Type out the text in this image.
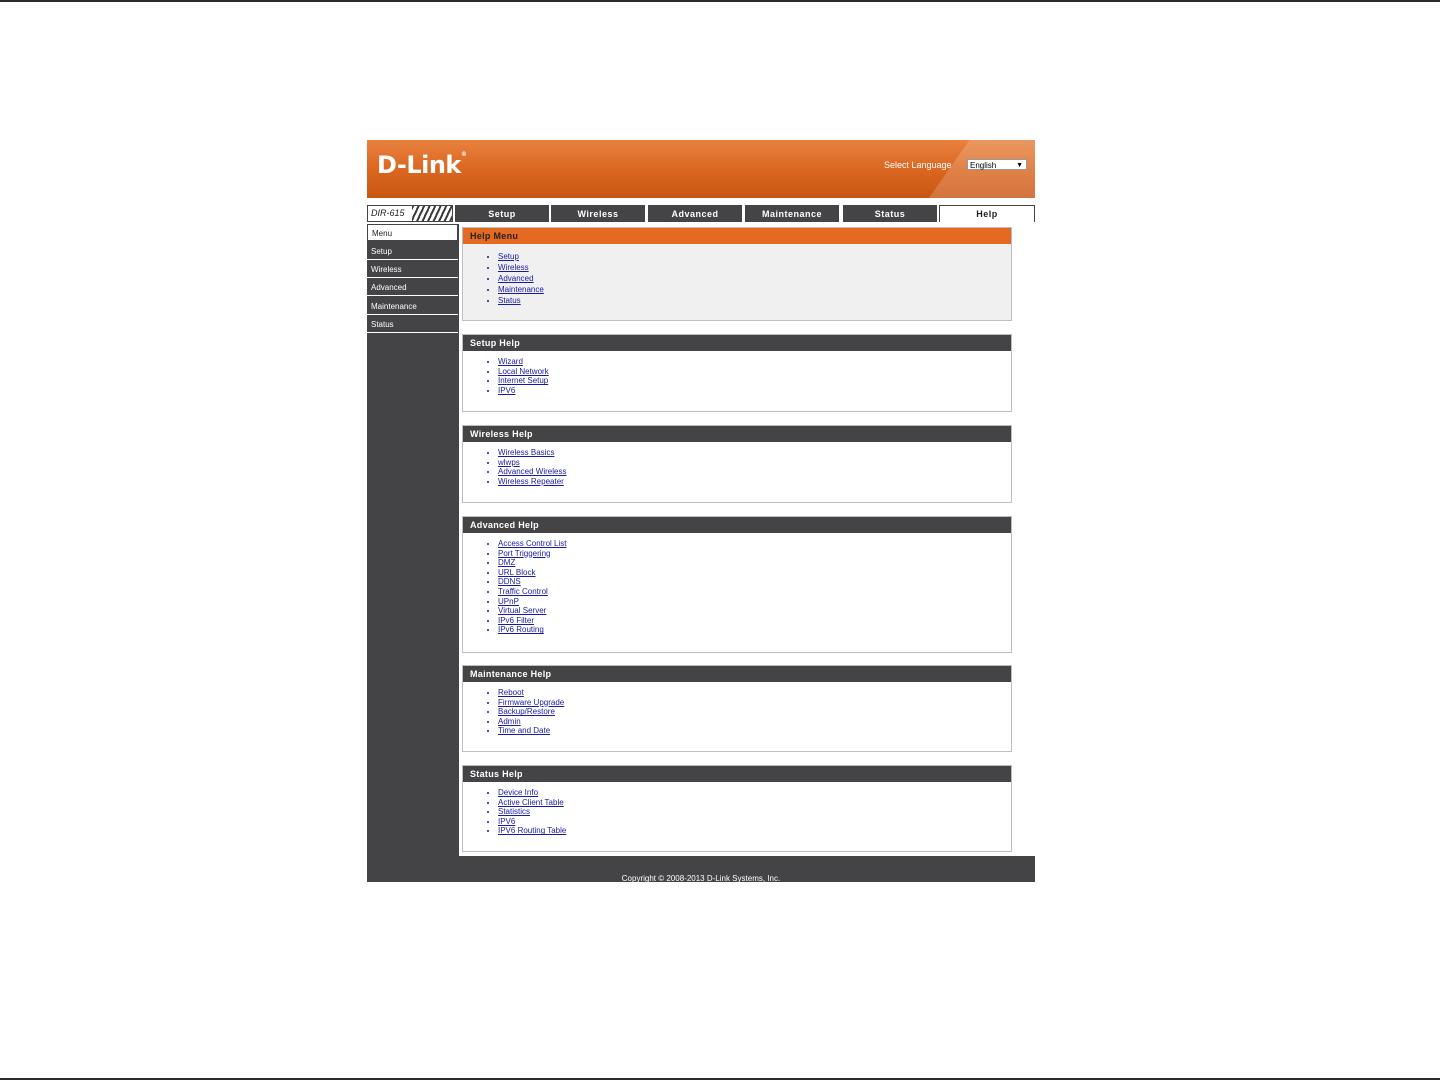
D-Link®
Select Language	English	▼
DIR-615	Setup	Wireless	Advanced	Maintenance	Status	Help
Menu
Setup
Wireless
Advanced
Maintenance
Status
Help Menu
• Setup
• Wireless
• Advanced
• Maintenance
• Status
Setup Help
• Wizard
• Local Network
• Internet Setup
• IPV6
Wireless Help
• Wireless Basics
• wlwps
• Advanced Wireless
• Wireless Repeater
Advanced Help
• Access Control List
• Port Triggering
• DMZ
• URL Block
• DDNS
• Traffic Control
• UPnP
• Virtual Server
• IPv6 Filter
• IPv6 Routing
Maintenance Help
• Reboot
• Firmware Upgrade
• Backup/Restore
• Admin
• Time and Date
Status Help
• Device Info
• Active Client Table
• Statistics
• IPV6
• IPV6 Routing Table
Copyright © 2008-2013 D-Link Systems, Inc.
